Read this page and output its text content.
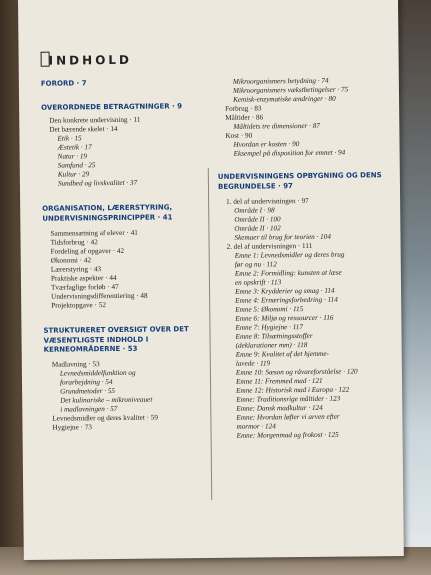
INDHOLD
FORORD · 7
OVERORDNEDE BETRAGTNINGER · 9
Den konkrete undervisning · 11
Det bærende skelet · 14
Etik · 15
Æstetik · 17
Natur · 19
Samfund · 25
Kultur · 29
Sundhed og livskvalitet · 37
ORGANISATION, LÆRERSTYRING, UNDERVISNINGSPRINCIPPER · 41
Sammensætning af elever · 41
Tidsforbrug · 42
Fordeling af opgaver · 42
Økonomi · 42
Lærerstyring · 43
Praktiske aspekter · 44
Tværfaglige forløb · 47
Undervisningsdifferentiering · 48
Projektopgave · 52
STRUKTURERET OVERSIGT OVER DET VÆSENTLIGSTE INDHOLD I KERNEOMRÅDERNE · 53
Madlavning · 53
Levnedsmiddelfunktion og
forarbejdning · 54
Grundmetoder · 55
Det kulinariske – mikroniveauet
i madlavningen · 57
Levnedsmidler og deres kvalitet · 59
Hygiejne · 73
Mikroorganismers betydning · 74
Mikroorganismers vækstbetingelser · 75
Kemisk-enzymatiske ændringer · 80
Forbrug · 83
Måltider · 86
Måltidets tre dimensioner · 87
Kost · 90
Hvordan er kosten · 90
Eksempel på disposition for emnet · 94
UNDERVISNINGENS OPBYGNING OG DENS BEGRUNDELSE · 97
1. del af undervisningen · 97
Område I · 98
Område II · 100
Område II · 102
Skemaer til brug for teorien · 104
2. del af undervisningen · 111
Emne 1: Levnedsmidler og deres brug
før og nu · 112
Emne 2: Formidling: kunsten at læse
en opskrift · 113
Emne 3: Krydderier og smag · 114
Emne 4: Ernæringsforbedring · 114
Emne 5: Økonomi · 115
Emne 6: Miljø og ressourcer · 116
Emne 7: Hygiejne · 117
Emne 8: Tilsætningsstoffer
(deklarationer mm) · 118
Emne 9: Kvalitet af det hjemme-
lavede · 119
Emne 10: Sæson og råvareforståelse · 120
Emne 11: Fremmed mad · 121
Emne 12: Historisk mad i Europa · 122
Emne: Traditionsrige måltider · 123
Emne: Dansk madkultur · 124
Emne: Hvordan løfter vi arven efter
mormor · 124
Emne: Morgenmad og frokost · 125
